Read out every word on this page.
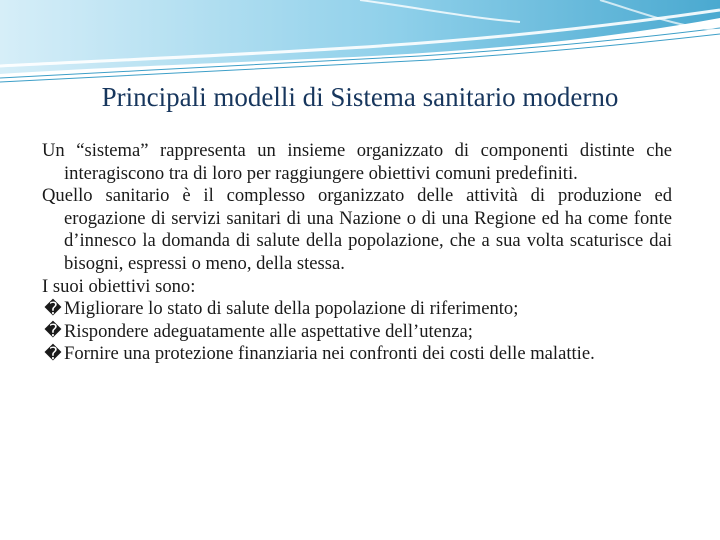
Principali modelli di Sistema sanitario moderno

Un “sistema” rappresenta un insieme organizzato di componenti distinte che interagiscono tra di loro per raggiungere obiettivi comuni predefiniti.

Quello sanitario è il complesso organizzato delle attività di produzione ed erogazione di servizi sanitari di una Nazione o di una Regione ed ha come fonte d’innesco la domanda di salute della popolazione, che a sua volta scaturisce dai bisogni, espressi o meno, della stessa.

I suoi obiettivi sono:

� Migliorare lo stato di salute della popolazione di riferimento;
� Rispondere adeguatamente alle aspettative dell’utenza;
� Fornire una protezione finanziaria nei confronti dei costi delle malattie.
